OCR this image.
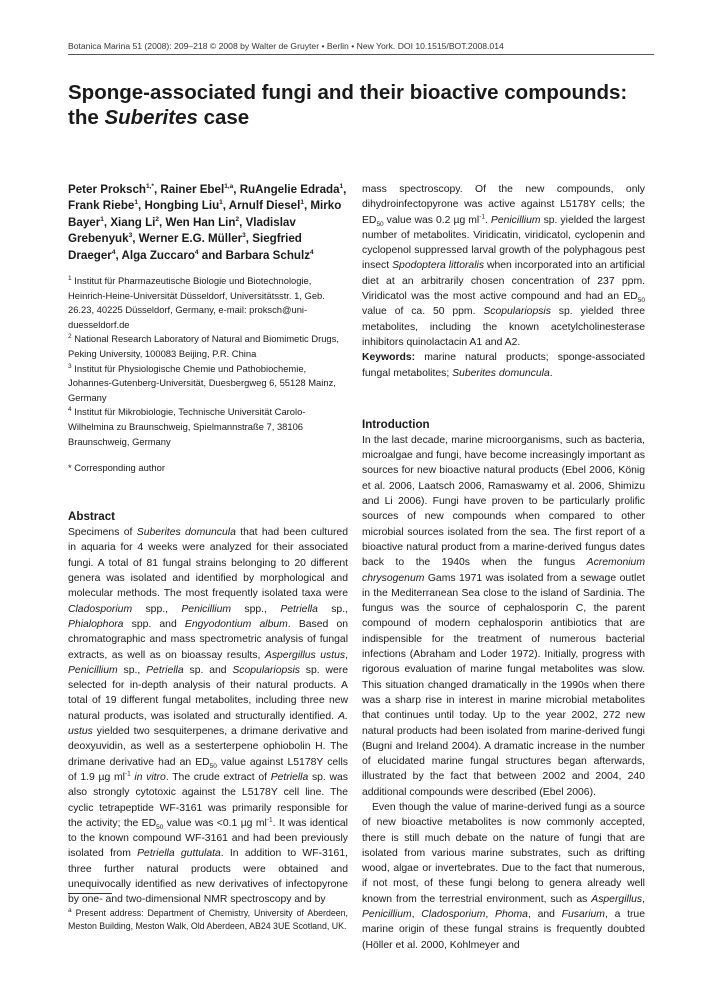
Botanica Marina 51 (2008): 209–218 © 2008 by Walter de Gruyter • Berlin • New York. DOI 10.1515/BOT.2008.014
Sponge-associated fungi and their bioactive compounds:
the Suberites case

Peter Proksch$^{1,*}$, Rainer Ebel$^{1,a}$, RuAngelie Edrada$^1$, Frank Riebe$^1$, Hongbing Liu$^1$, Arnulf Diesel$^1$, Mirko Bayer$^1$, Xiang Li$^2$, Wen Han Lin$^2$, Vladislav Grebenyuk$^3$, Werner E.G. Müller$^3$, Siegfried Draeger$^4$, Alga Zuccaro$^4$ and Barbara Schulz$^4$

$^1$ Institut für Pharmazeutische Biologie und Biotechnologie, Heinrich-Heine-Universität Düsseldorf, Universitätsstr. 1, Geb. 26.23, 40225 Düsseldorf, Germany, e-mail: proksch@uni-duesseldorf.de

$^2$ National Research Laboratory of Natural and Biomimetic Drugs, Peking University, 100083 Beijing, P.R. China

$^3$ Institut für Physiologische Chemie und Pathobiochemie, Johannes-Gutenberg-Universität, Duesbergweg 6, 55128 Mainz, Germany

$^4$ Institut für Mikrobiologie, Technische Universität Carolo-Wilhelmina zu Braunschweig, Spielmannstraße 7, 38106 Braunschweig, Germany

* Corresponding author

Abstract

Specimens of Suberites domuncula that had been cultured in aquaria for 4 weeks were analyzed for their associated fungi. A total of 81 fungal strains belonging to 20 different genera was isolated and identified by morphological and molecular methods. The most frequently isolated taxa were Cladosporium spp., Penicillium spp., Petriella sp., Phialophora spp. and Engyodontium album. Based on chromatographic and mass spectrometric analysis of fungal extracts, as well as on bioassay results, Aspergillus ustus, Penicillium sp., Petriella sp. and Scopulariopsis sp. were selected for in-depth analysis of their natural products. A total of 19 different fungal metabolites, including three new natural products, was isolated and structurally identified. A. ustus yielded two sesquiterpenes, a drimane derivative and deoxyuvidin, as well as a sesterterpene ophiobolin H. The drimane derivative had an $ED_{50}$ value against L5178Y cells of 1.9 µg $ml^{-1}$ in vitro. The crude extract of Petriella sp. was also strongly cytotoxic against the L5178Y cell line. The cyclic tetrapeptide WF-3161 was primarily responsible for the activity; the $ED_{50}$ value was <0.1 µg $ml^{-1}$. It was identical to the known compound WF-3161 and had been previously isolated from Petriella guttulata. In addition to WF-3161, three further natural products were obtained and unequivocally identified as new derivatives of infectopyrone by one- and two-dimensional NMR spectroscopy and by

mass spectroscopy. Of the new compounds, only dihydroinfectopyrone was active against L5178Y cells; the $ED_{50}$ value was 0.2 µg $ml^{-1}$. Penicillium sp. yielded the largest number of metabolites. Viridicatin, viridicatol, cyclopenin and cyclopenol suppressed larval growth of the polyphagous pest insect Spodoptera littoralis when incorporated into an artificial diet at an arbitrarily chosen concentration of 237 ppm. Viridicatol was the most active compound and had an $ED_{50}$ value of ca. 50 ppm. Scopulariopsis sp. yielded three metabolites, including the known acetylcholinesterase inhibitors quinolactacin A1 and A2.

Keywords: marine natural products; sponge-associated fungal metabolites; Suberites domuncula.

Introduction

In the last decade, marine microorganisms, such as bacteria, microalgae and fungi, have become increasingly important as sources for new bioactive natural products (Ebel 2006, König et al. 2006, Laatsch 2006, Ramaswamy et al. 2006, Shimizu and Li 2006). Fungi have proven to be particularly prolific sources of new compounds when compared to other microbial sources isolated from the sea. The first report of a bioactive natural product from a marine-derived fungus dates back to the 1940s when the fungus Acremonium chrysogenum Gams 1971 was isolated from a sewage outlet in the Mediterranean Sea close to the island of Sardinia. The fungus was the source of cephalosporin C, the parent compound of modern cephalosporin antibiotics that are indispensible for the treatment of numerous bacterial infections (Abraham and Loder 1972). Initially, progress with rigorous evaluation of marine fungal metabolites was slow. This situation changed dramatically in the 1990s when there was a sharp rise in interest in marine microbial metabolites that continues until today. Up to the year 2002, 272 new natural products had been isolated from marine-derived fungi (Bugni and Ireland 2004). A dramatic increase in the number of elucidated marine fungal structures began afterwards, illustrated by the fact that between 2002 and 2004, 240 additional compounds were described (Ebel 2006).

Even though the value of marine-derived fungi as a source of new bioactive metabolites is now commonly accepted, there is still much debate on the nature of fungi that are isolated from various marine substrates, such as drifting wood, algae or invertebrates. Due to the fact that numerous, if not most, of these fungi belong to genera already well known from the terrestrial environment, such as Aspergillus, Penicillium, Cladosporium, Phoma, and Fusarium, a true marine origin of these fungal strains is frequently doubted (Höller et al. 2000, Kohlmeyer and

$^a$ Present address: Department of Chemistry, University of Aberdeen, Meston Building, Meston Walk, Old Aberdeen, AB24 3UE Scotland, UK.
